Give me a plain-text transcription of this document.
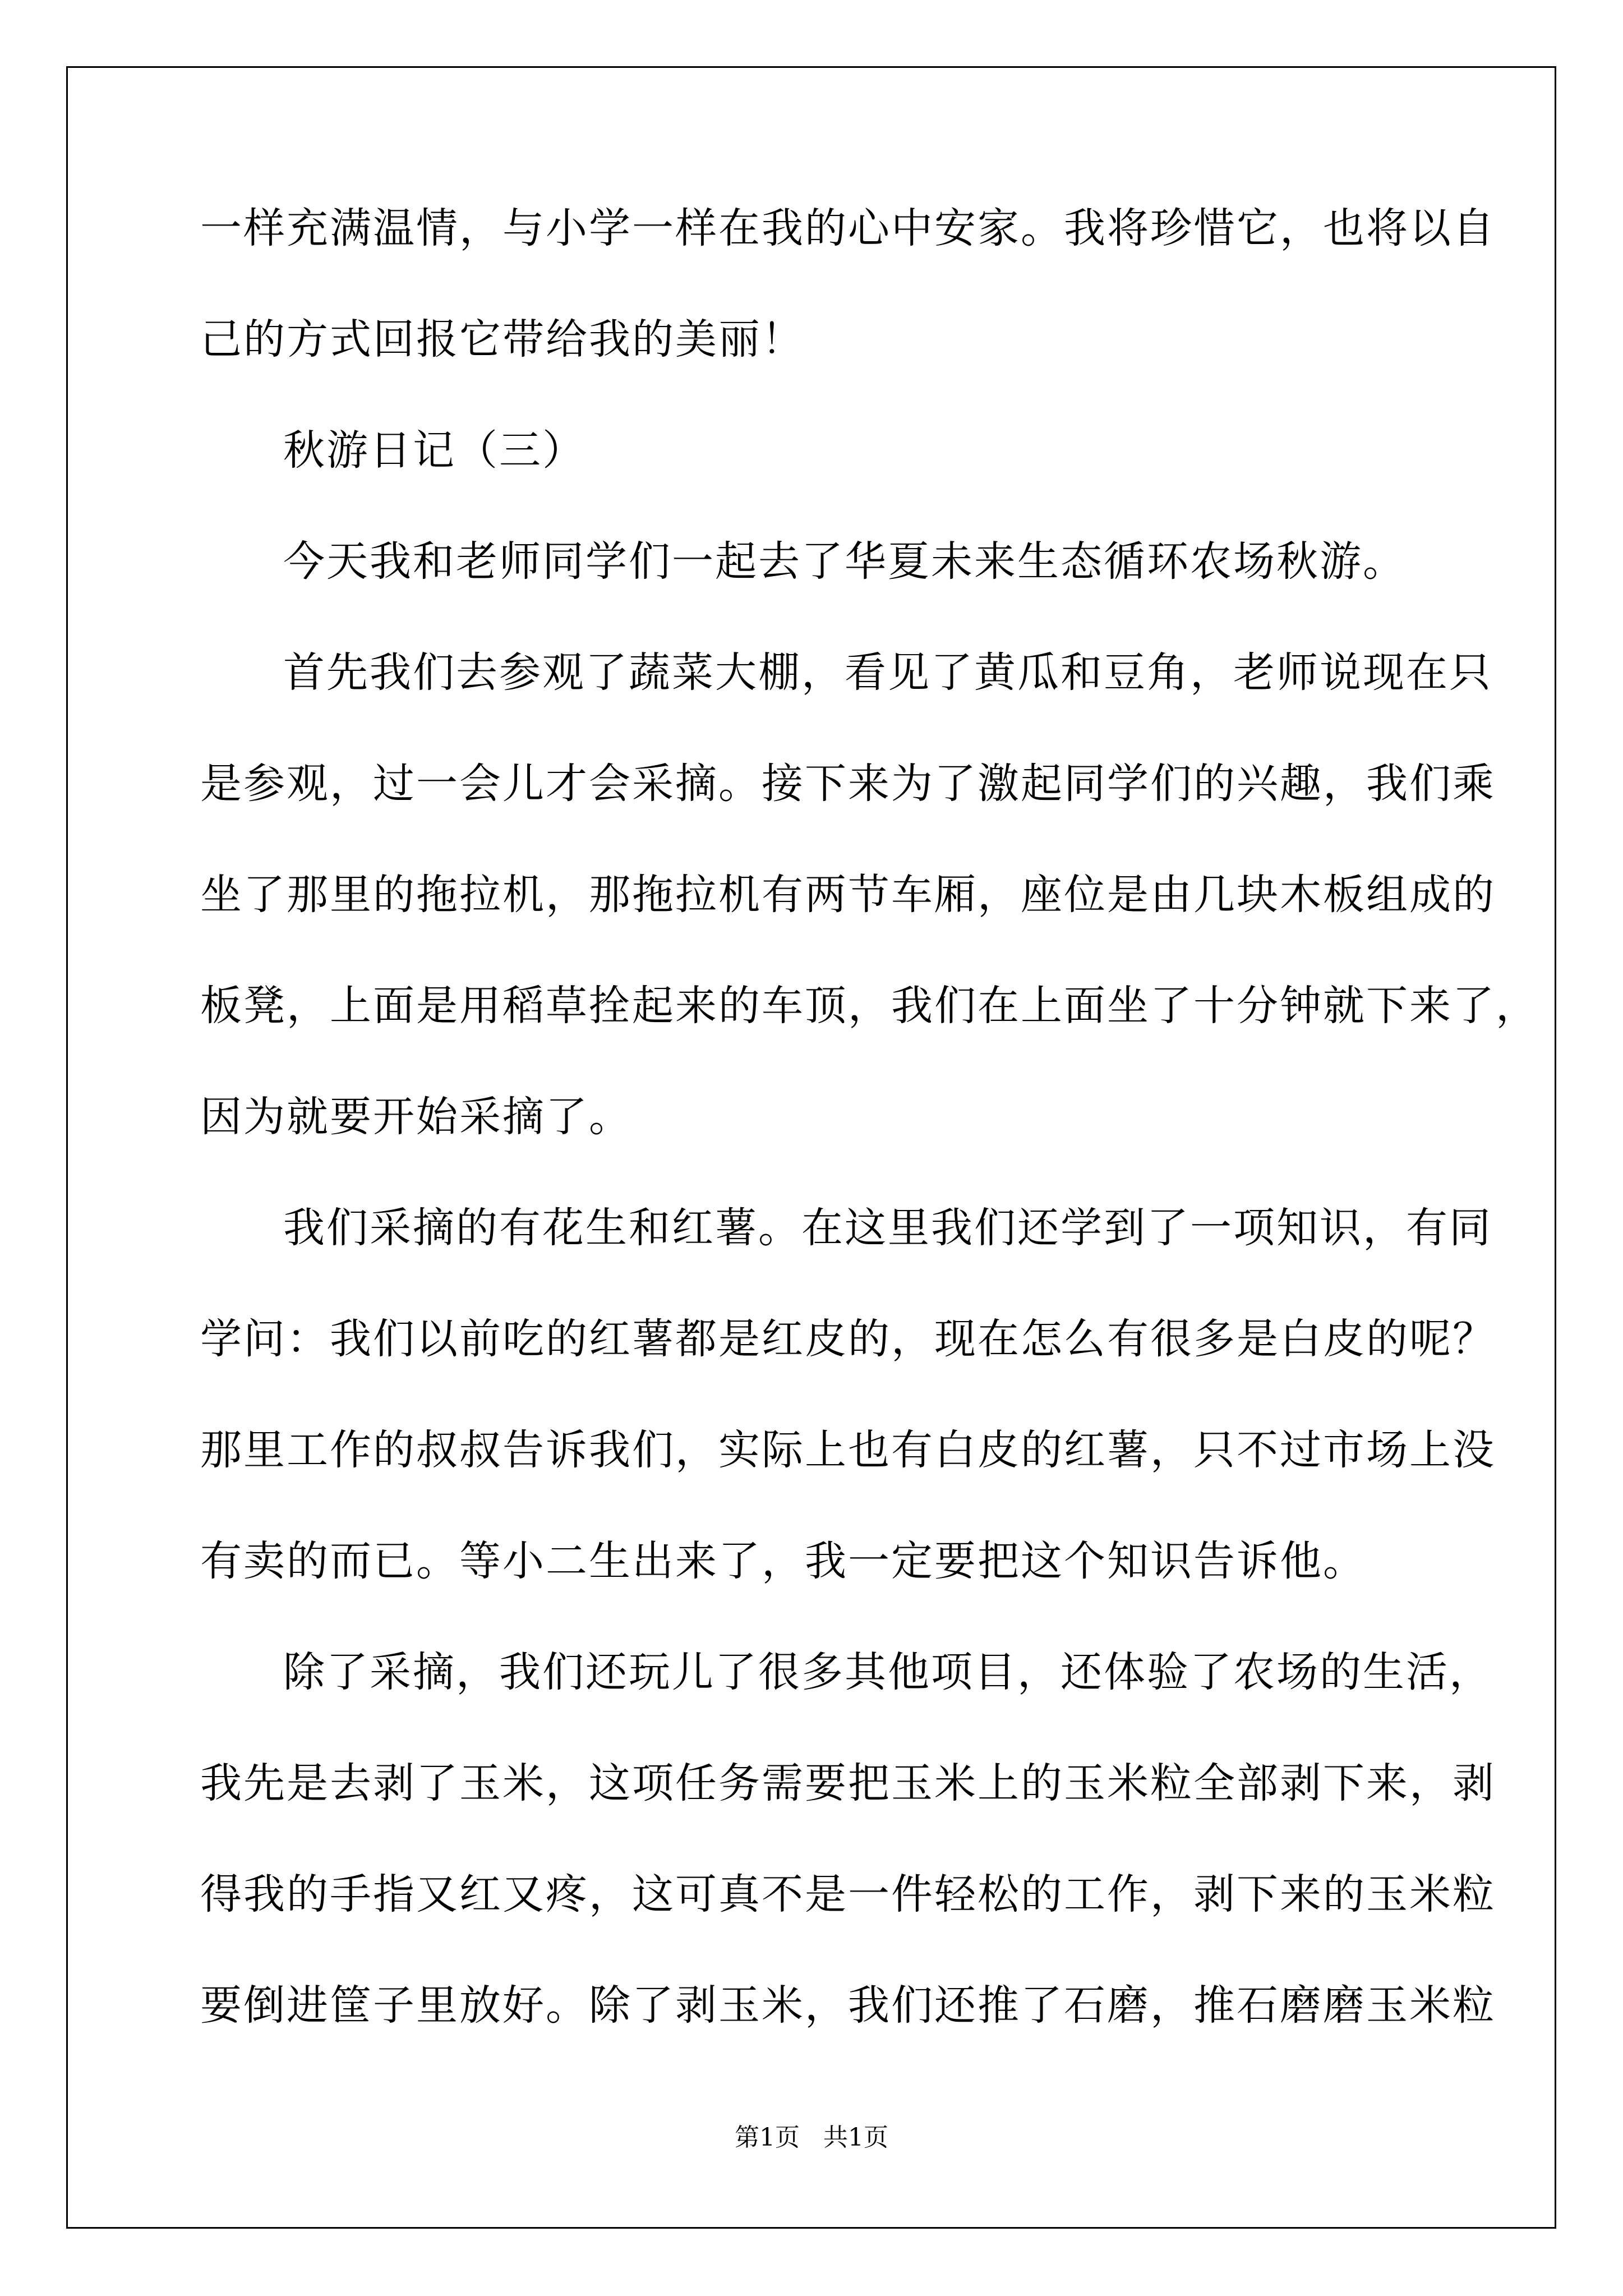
一样充满温情，与小学一样在我的心中安家。我将珍惜它，也将以自
己的方式回报它带给我的美丽！
秋游日记（三）
今天我和老师同学们一起去了华夏未来生态循环农场秋游。
首先我们去参观了蔬菜大棚，看见了黄瓜和豆角，老师说现在只
是参观，过一会儿才会采摘。接下来为了激起同学们的兴趣，我们乘
坐了那里的拖拉机，那拖拉机有两节车厢，座位是由几块木板组成的
板凳，上面是用稻草拴起来的车顶，我们在上面坐了十分钟就下来了，
因为就要开始采摘了。
我们采摘的有花生和红薯。在这里我们还学到了一项知识，有同
学问：我们以前吃的红薯都是红皮的，现在怎么有很多是白皮的呢？
那里工作的叔叔告诉我们，实际上也有白皮的红薯，只不过市场上没
有卖的而已。等小二生出来了，我一定要把这个知识告诉他。
除了采摘，我们还玩儿了很多其他项目，还体验了农场的生活，
我先是去剥了玉米，这项任务需要把玉米上的玉米粒全部剥下来，剥
得我的手指又红又疼，这可真不是一件轻松的工作，剥下来的玉米粒
要倒进筐子里放好。除了剥玉米，我们还推了石磨，推石磨磨玉米粒
第1页   共1页
